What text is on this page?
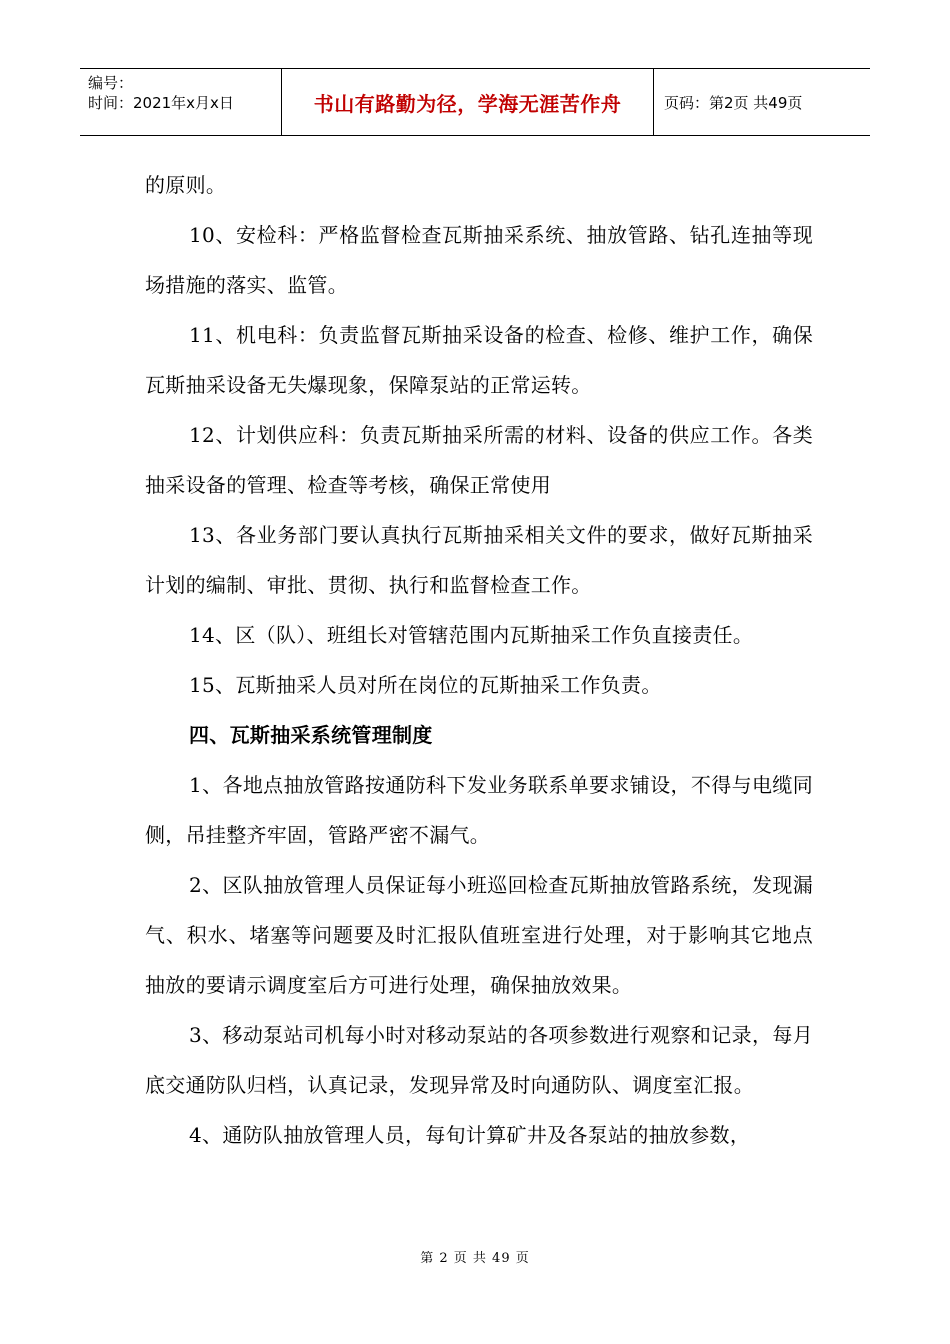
编号：
时间：2021年x月x日	书山有路勤为径，学海无涯苦作舟	页码：第2页 共49页

的原则。

10、安检科：严格监督检查瓦斯抽采系统、抽放管路、钻孔连抽等现场措施的落实、监管。

11、机电科：负责监督瓦斯抽采设备的检查、检修、维护工作，确保瓦斯抽采设备无失爆现象，保障泵站的正常运转。

12、计划供应科：负责瓦斯抽采所需的材料、设备的供应工作。各类抽采设备的管理、检查等考核，确保正常使用

13、各业务部门要认真执行瓦斯抽采相关文件的要求，做好瓦斯抽采计划的编制、审批、贯彻、执行和监督检查工作。

14、区（队）、班组长对管辖范围内瓦斯抽采工作负直接责任。

15、瓦斯抽采人员对所在岗位的瓦斯抽采工作负责。

四、瓦斯抽采系统管理制度

1、各地点抽放管路按通防科下发业务联系单要求铺设，不得与电缆同侧，吊挂整齐牢固，管路严密不漏气。

2、区队抽放管理人员保证每小班巡回检查瓦斯抽放管路系统，发现漏气、积水、堵塞等问题要及时汇报队值班室进行处理，对于影响其它地点抽放的要请示调度室后方可进行处理，确保抽放效果。

3、移动泵站司机每小时对移动泵站的各项参数进行观察和记录，每月底交通防队归档，认真记录，发现异常及时向通防队、调度室汇报。

4、通防队抽放管理人员，每旬计算矿井及各泵站的抽放参数，

第 2 页 共 49 页
